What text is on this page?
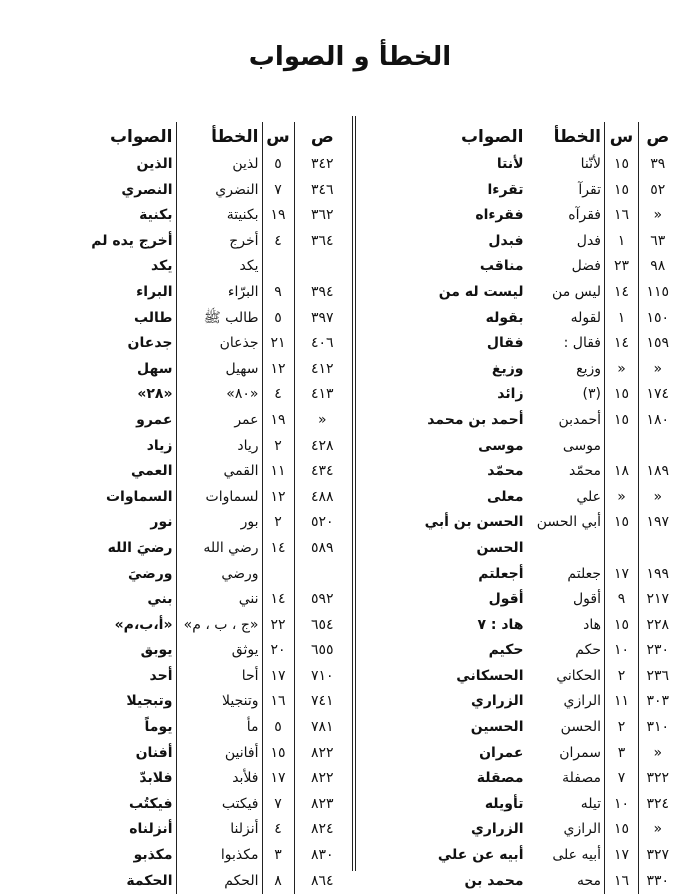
الخطأ و الصواب
ص	س	الخطأ	الصواب
٣٩	١٥	لأنّنا	لأنتا
٥٢	١٥	تقرآ	تقرءا
«	١٦	فقرآه	فقرءاه
٦٣	١	فدل	فبدل
٩٨	٢٣	فضل	مناقب
١١٥	١٤	ليس من	ليست له من
١٥٠	١	لقوله	بقوله
١٥٩	١٤	فقال :	فقال
«	«	وزيع	وزيغ
١٧٤	١٥	(٣)	زائد
١٨٠	١٥	أحمدبن	أحمد بن محمد
		موسى	موسى
١٨٩	١٨	محمّد	محمّد
«	«	علي	معلى
١٩٧	١٥	أبي الحسن	الحسن بن أبي
			الحسن
١٩٩	١٧	جعلتم	أجعلتم
٢١٧	٩	أقول	أقول
٢٢٨	١٥	هاد	هاد : ٧
٢٣٠	١٠	حكم	حكيم
٢٣٦	٢	الحكاني	الحسكاني
٣٠٣	١١	الرازي	الزراري
٣١٠	٢	الحسن	الحسين
«	٣	سمران	عمران
٣٢٢	٧	مصفلة	مصقلة
٣٢٤	١٠	تيله	تأويله
«	١٥	الرازي	الزراري
٣٢٧	١٧	أبيه على	أبيه عن علي
٣٣٠	١٦	محه	محمد بن
ص	س	الخطأ	الصواب
٣٤٢	٥	لذين	الذين
٣٤٦	٧	النضري	النصري
٣٦٢	١٩	بكنيتة	بكنية
٣٦٤	٤	أخرج	أخرج يده لم
		يكد	يكد
٣٩٤	٩	البرّاء	البراء
٣٩٧	٥	طالب ﷺ	طالب
٤٠٦	٢١	جذعان	جدعان
٤١٢	١٢	سهيل	سهل
٤١٣	٤	«٨٠»	«٢٨»
«	١٩	عمر	عمرو
٤٢٨	٢	رياد	زياد
٤٣٤	١١	القمي	العمي
٤٨٨	١٢	لسماوات	السماوات
٥٢٠	٢	بور	نور
٥٨٩	١٤	رضي الله	رضيَ الله
		ورضي	ورضيَ
٥٩٢	١٤	نني	بني
٦٥٤	٢٢	«ج ، ب ، م»	«أ،ب،م»
٦٥٥	٢٠	يوثق	يوبق
٧١٠	١٧	أحا	أحد
٧٤١	١٦	وتنجيلا	وتبجيلا
٧٨١	٥	مأ	يوماً
٨٢٢	١٥	أفانين	أفنان
٨٢٢	١٧	فلأبد	فلابدّ
٨٢٣	٧	فيكتب	فيكتُب
٨٢٤	٤	أنزلنا	أنزلناه
٨٣٠	٣	مكذبوا	مكذبو
٨٦٤	٨	الحكم	الحكمة
